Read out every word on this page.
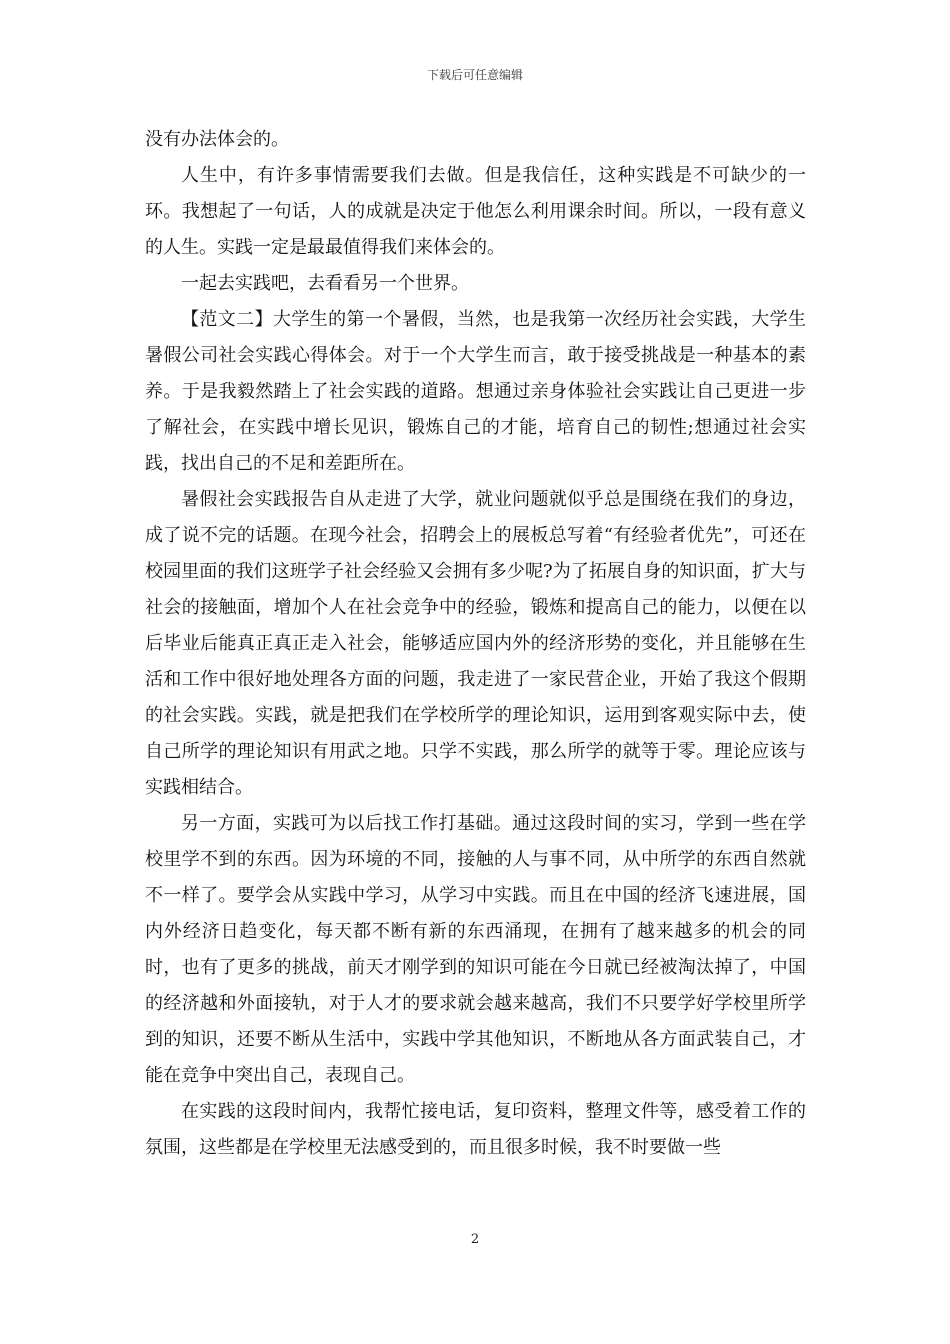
下载后可任意编辑

没有办法体会的。

人生中，有许多事情需要我们去做。但是我信任，这种实践是不可缺少的一环。我想起了一句话，人的成就是决定于他怎么利用课余时间。所以，一段有意义的人生。实践一定是最最值得我们来体会的。

一起去实践吧，去看看另一个世界。

【范文二】大学生的第一个暑假，当然，也是我第一次经历社会实践，大学生暑假公司社会实践心得体会。对于一个大学生而言，敢于接受挑战是一种基本的素养。于是我毅然踏上了社会实践的道路。想通过亲身体验社会实践让自己更进一步了解社会，在实践中增长见识，锻炼自己的才能，培育自己的韧性;想通过社会实践，找出自己的不足和差距所在。

暑假社会实践报告自从走进了大学，就业问题就似乎总是围绕在我们的身边，成了说不完的话题。在现今社会，招聘会上的展板总写着“有经验者优先”，可还在校园里面的我们这班学子社会经验又会拥有多少呢?为了拓展自身的知识面，扩大与社会的接触面，增加个人在社会竞争中的经验，锻炼和提高自己的能力，以便在以后毕业后能真正真正走入社会，能够适应国内外的经济形势的变化，并且能够在生活和工作中很好地处理各方面的问题，我走进了一家民营企业，开始了我这个假期的社会实践。实践，就是把我们在学校所学的理论知识，运用到客观实际中去，使自己所学的理论知识有用武之地。只学不实践，那么所学的就等于零。理论应该与实践相结合。

另一方面，实践可为以后找工作打基础。通过这段时间的实习，学到一些在学校里学不到的东西。因为环境的不同，接触的人与事不同，从中所学的东西自然就不一样了。要学会从实践中学习，从学习中实践。而且在中国的经济飞速进展，国内外经济日趋变化，每天都不断有新的东西涌现，在拥有了越来越多的机会的同时，也有了更多的挑战，前天才刚学到的知识可能在今日就已经被淘汰掉了，中国的经济越和外面接轨，对于人才的要求就会越来越高，我们不只要学好学校里所学到的知识，还要不断从生活中，实践中学其他知识，不断地从各方面武装自己，才能在竞争中突出自己，表现自己。

在实践的这段时间内，我帮忙接电话，复印资料，整理文件等，感受着工作的氛围，这些都是在学校里无法感受到的，而且很多时候，我不时要做一些

2
